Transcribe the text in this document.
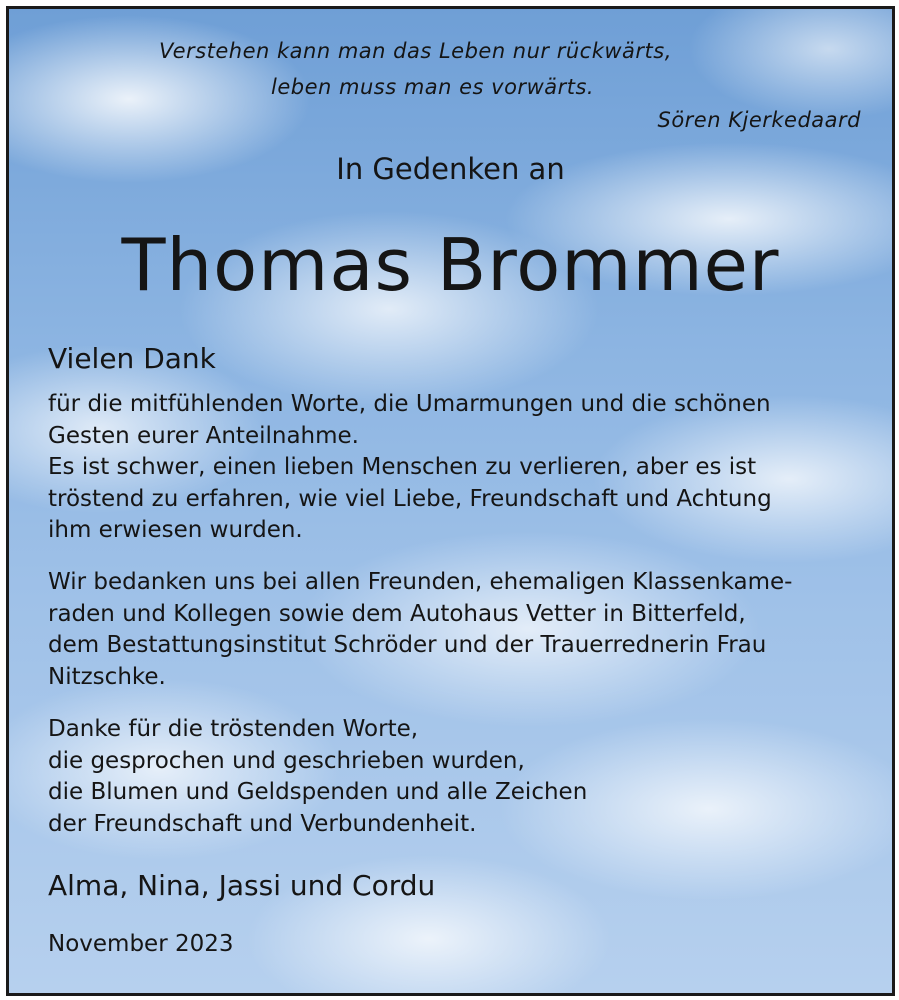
Verstehen kann man das Leben nur rückwärts,

leben muss man es vorwärts.

Sören Kjerkedaard

In Gedenken an

Thomas Brommer

Vielen Dank

für die mitfühlenden Worte, die Umarmungen und die schönen
Gesten eurer Anteilnahme.
Es ist schwer, einen lieben Menschen zu verlieren, aber es ist
tröstend zu erfahren, wie viel Liebe, Freundschaft und Achtung
ihm erwiesen wurden.
Wir bedanken uns bei allen Freunden, ehemaligen Klassenkame-
raden und Kollegen sowie dem Autohaus Vetter in Bitterfeld,
dem Bestattungsinstitut Schröder und der Trauerrednerin Frau
Nitzschke.
Danke für die tröstenden Worte,
die gesprochen und geschrieben wurden,
die Blumen und Geldspenden und alle Zeichen
der Freundschaft und Verbundenheit.

Alma, Nina, Jassi und Cordu

November 2023
